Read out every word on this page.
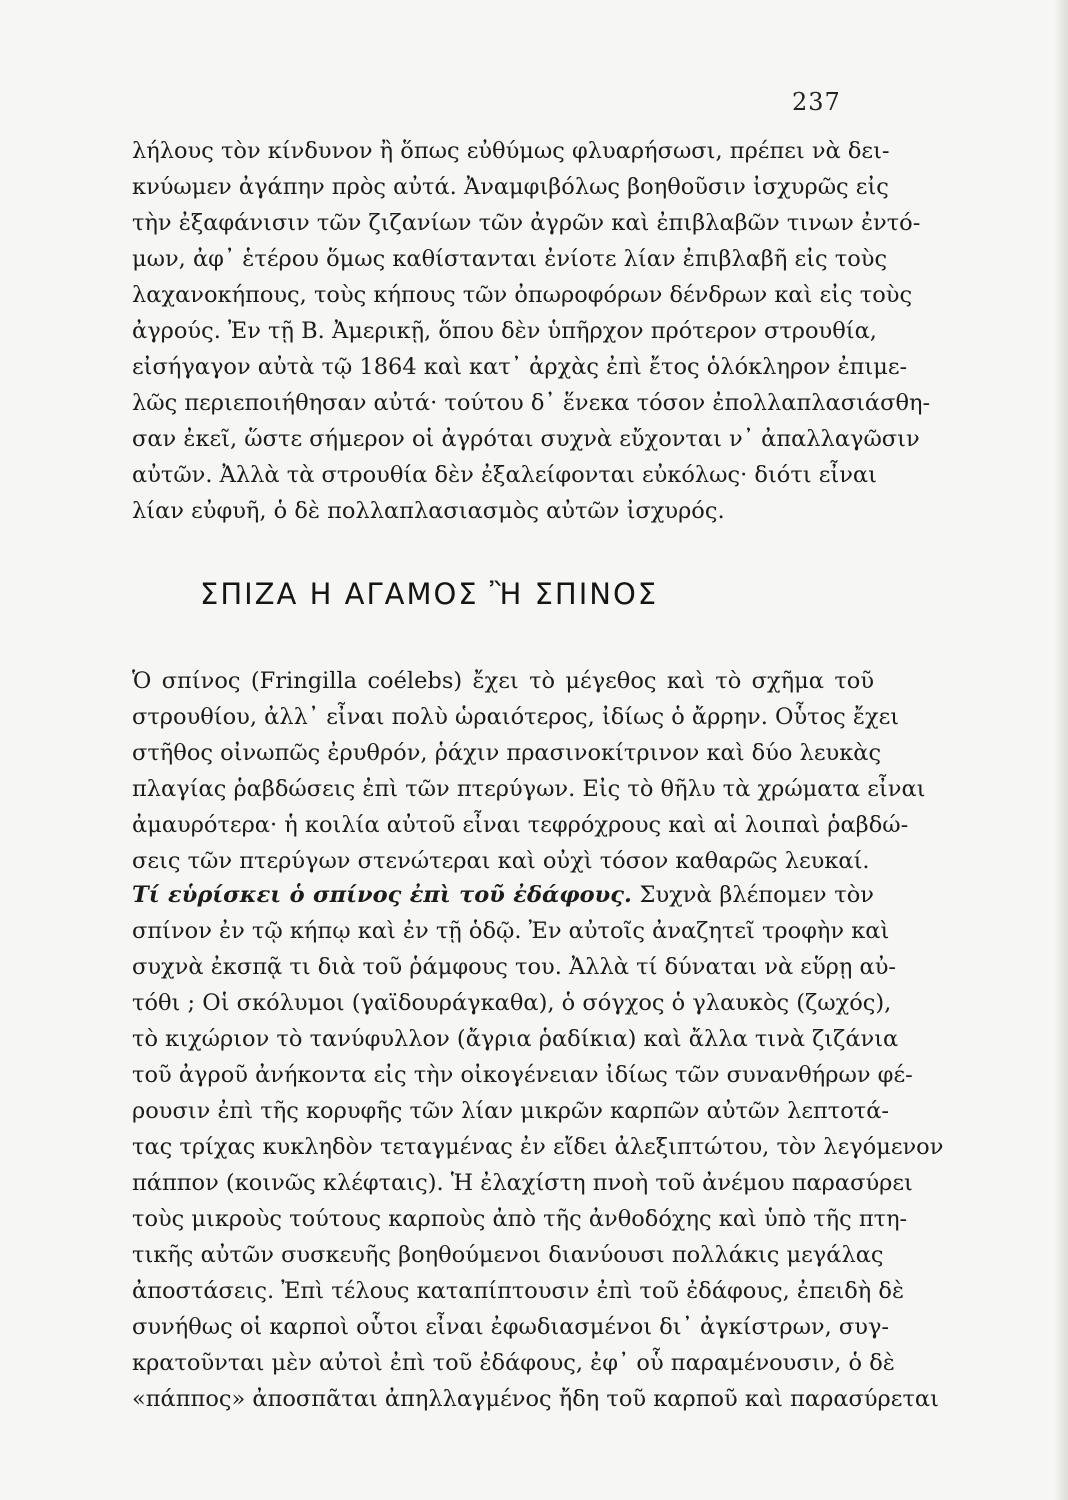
237
λήλους τὸν κίνδυνον ἢ ὅπως εὐθύμως φλυαρήσωσι, πρέπει νὰ δει-
κνύωμεν ἀγάπην πρὸς αὐτά. Ἀναμφιβόλως βοηθοῦσιν ἰσχυρῶς εἰς
τὴν ἐξαφάνισιν τῶν ζιζανίων τῶν ἀγρῶν καὶ ἐπιβλαβῶν τινων ἐντό-
μων, ἀφ᾽ ἑτέρου ὅμως καθίστανται ἐνίοτε λίαν ἐπιβλαβῆ εἰς τοὺς
λαχανοκήπους, τοὺς κήπους τῶν ὀπωροφόρων δένδρων καὶ εἰς τοὺς
ἀγρούς. Ἐν τῇ Β. Ἀμερικῇ, ὅπου δὲν ὑπῆρχον πρότερον στρουθία,
εἰσήγαγον αὐτὰ τῷ 1864 καὶ κατ᾽ ἀρχὰς ἐπὶ ἔτος ὁλόκληρον ἐπιμε-
λῶς περιεποιήθησαν αὐτά· τούτου δ᾽ ἕνεκα τόσον ἐπολλαπλασιάσθη-
σαν ἐκεῖ, ὥστε σήμερον οἱ ἀγρόται συχνὰ εὔχονται ν᾽ ἀπαλλαγῶσιν
αὐτῶν. Ἀλλὰ τὰ στρουθία δὲν ἐξαλείφονται εὐκόλως· διότι εἶναι
λίαν εὐφυῆ, ὁ δὲ πολλαπλασιασμὸς αὐτῶν ἰσχυρός.
ΣΠΙΖΑ Η ΑΓΑΜΟΣ Ἢ ΣΠΙΝΟΣ
Ὁ σπίνος (Fringilla coélebs) ἔχει τὸ μέγεθος καὶ τὸ σχῆμα τοῦ
στρουθίου, ἀλλ᾽ εἶναι πολὺ ὡραιότερος, ἰδίως ὁ ἄρρην. Οὗτος ἔχει
στῆθος οἰνωπῶς ἐρυθρόν, ῥάχιν πρασινοκίτρινον καὶ δύο λευκὰς
πλαγίας ῥαβδώσεις ἐπὶ τῶν πτερύγων. Εἰς τὸ θῆλυ τὰ χρώματα εἶναι
ἀμαυρότερα· ἡ κοιλία αὐτοῦ εἶναι τεφρόχρους καὶ αἱ λοιπαὶ ῥαβδώ-
σεις τῶν πτερύγων στενώτεραι καὶ οὐχὶ τόσον καθαρῶς λευκαί.
Τί εὑρίσκει ὁ σπίνος ἐπὶ τοῦ ἐδάφους. Συχνὰ βλέπομεν τὸν
σπίνον ἐν τῷ κήπῳ καὶ ἐν τῇ ὁδῷ. Ἐν αὐτοῖς ἀναζητεῖ τροφὴν καὶ
συχνὰ ἐκσπᾷ τι διὰ τοῦ ῥάμφους του. Ἀλλὰ τί δύναται νὰ εὕρῃ αὐ-
τόθι ; Οἱ σκόλυμοι (γαϊδουράγκαθα), ὁ σόγχος ὁ γλαυκὸς (ζωχός),
τὸ κιχώριον τὸ τανύφυλλον (ἄγρια ῥαδίκια) καὶ ἄλλα τινὰ ζιζάνια
τοῦ ἀγροῦ ἀνήκοντα εἰς τὴν οἰκογένειαν ἰδίως τῶν συνανθήρων φέ-
ρουσιν ἐπὶ τῆς κορυφῆς τῶν λίαν μικρῶν καρπῶν αὐτῶν λεπτοτά-
τας τρίχας κυκληδὸν τεταγμένας ἐν εἴδει ἀλεξιπτώτου, τὸν λεγόμενον
πάππον (κοινῶς κλέφταις). Ἡ ἐλαχίστη πνοὴ τοῦ ἀνέμου παρασύρει
τοὺς μικροὺς τούτους καρποὺς ἀπὸ τῆς ἀνθοδόχης καὶ ὑπὸ τῆς πτη-
τικῆς αὐτῶν συσκευῆς βοηθούμενοι διανύουσι πολλάκις μεγάλας
ἀποστάσεις. Ἐπὶ τέλους καταπίπτουσιν ἐπὶ τοῦ ἐδάφους, ἐπειδὴ δὲ
συνήθως οἱ καρποὶ οὗτοι εἶναι ἐφωδιασμένοι δι᾽ ἀγκίστρων, συγ-
κρατοῦνται μὲν αὐτοὶ ἐπὶ τοῦ ἐδάφους, ἐφ᾽ οὗ παραμένουσιν, ὁ δὲ
«πάππος» ἀποσπᾶται ἀπηλλαγμένος ἤδη τοῦ καρποῦ καὶ παρασύρεται
